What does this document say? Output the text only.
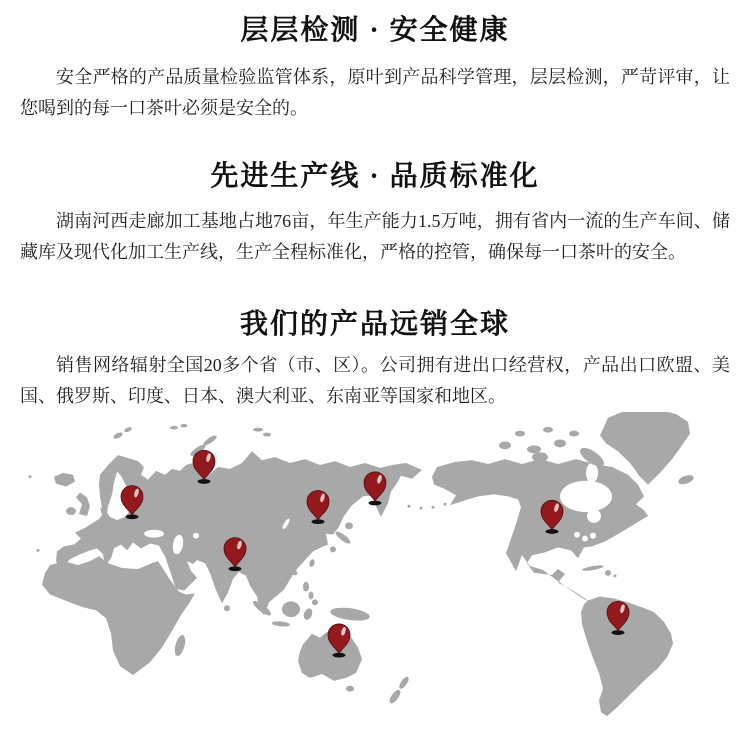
层层检测 · 安全健康

安全严格的产品质量检验监管体系，原叶到产品科学管理，层层检测，严苛评审，让您喝到的每一口茶叶必须是安全的。

先进生产线 · 品质标准化

湖南河西走廊加工基地占地76亩，年生产能力1.5万吨，拥有省内一流的生产车间、储藏库及现代化加工生产线，生产全程标准化，严格的控管，确保每一口茶叶的安全。

我们的产品远销全球

销售网络辐射全国20多个省（市、区）。公司拥有进出口经营权，产品出口欧盟、美国、俄罗斯、印度、日本、澳大利亚、东南亚等国家和地区。
